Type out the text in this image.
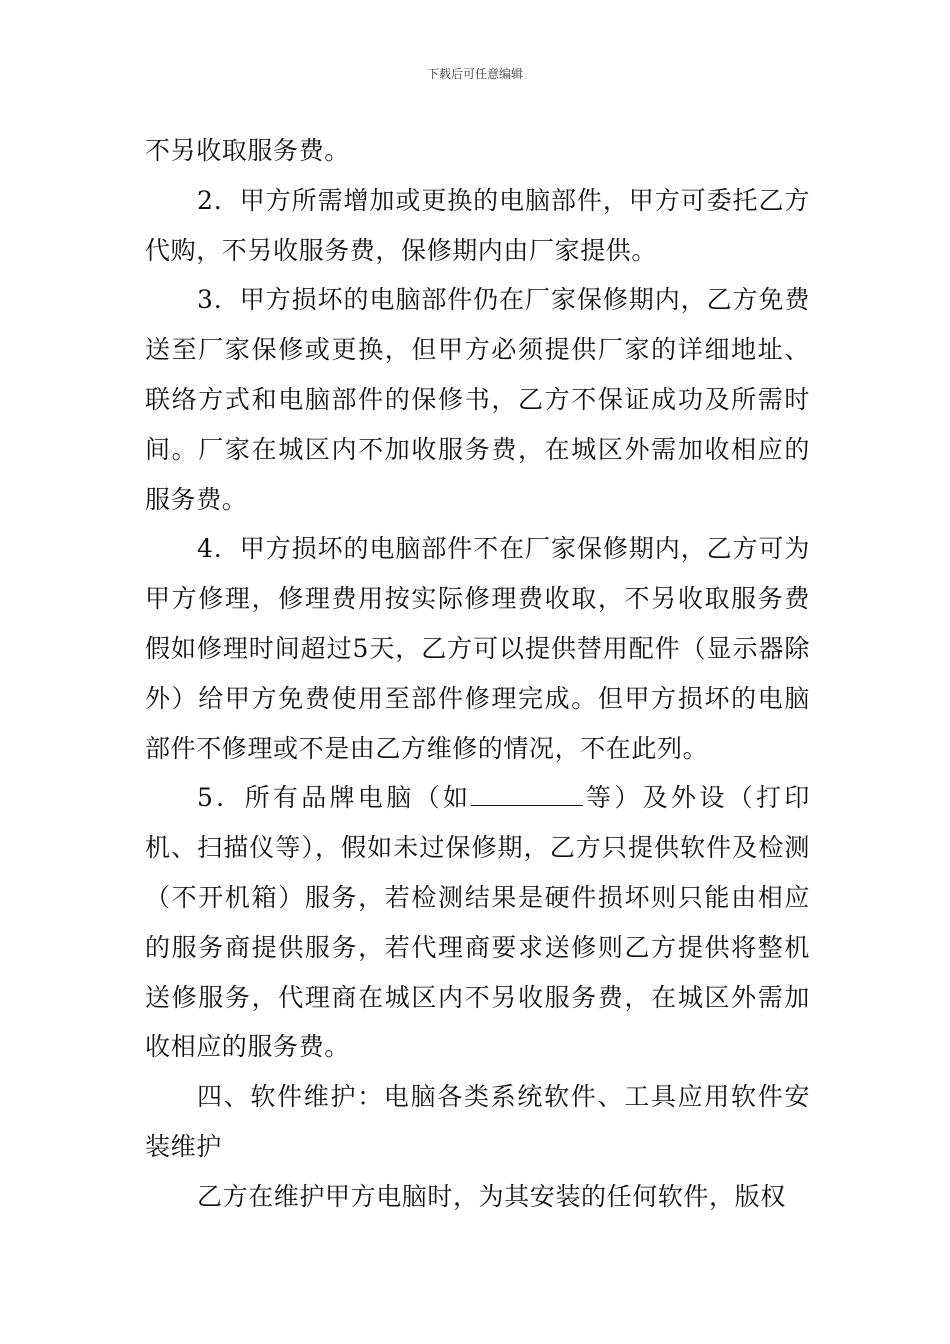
下载后可任意编辑

不另收取服务费。

2．甲方所需增加或更换的电脑部件，甲方可委托乙方代购，不另收服务费，保修期内由厂家提供。

3．甲方损坏的电脑部件仍在厂家保修期内，乙方免费送至厂家保修或更换，但甲方必须提供厂家的详细地址、联络方式和电脑部件的保修书，乙方不保证成功及所需时间。厂家在城区内不加收服务费，在城区外需加收相应的服务费。

4．甲方损坏的电脑部件不在厂家保修期内，乙方可为甲方修理，修理费用按实际修理费收取，不另收取服务费假如修理时间超过5天，乙方可以提供替用配件（显示器除外）给甲方免费使用至部件修理完成。但甲方损坏的电脑部件不修理或不是由乙方维修的情况，不在此列。

5．所有品牌电脑（如	等）及外设（打印机、扫描仪等），假如未过保修期，乙方只提供软件及检测（不开机箱）服务，若检测结果是硬件损坏则只能由相应的服务商提供服务，若代理商要求送修则乙方提供将整机送修服务，代理商在城区内不另收服务费，在城区外需加收相应的服务费。

四、软件维护：电脑各类系统软件、工具应用软件安装维护

乙方在维护甲方电脑时，为其安装的任何软件，版权
